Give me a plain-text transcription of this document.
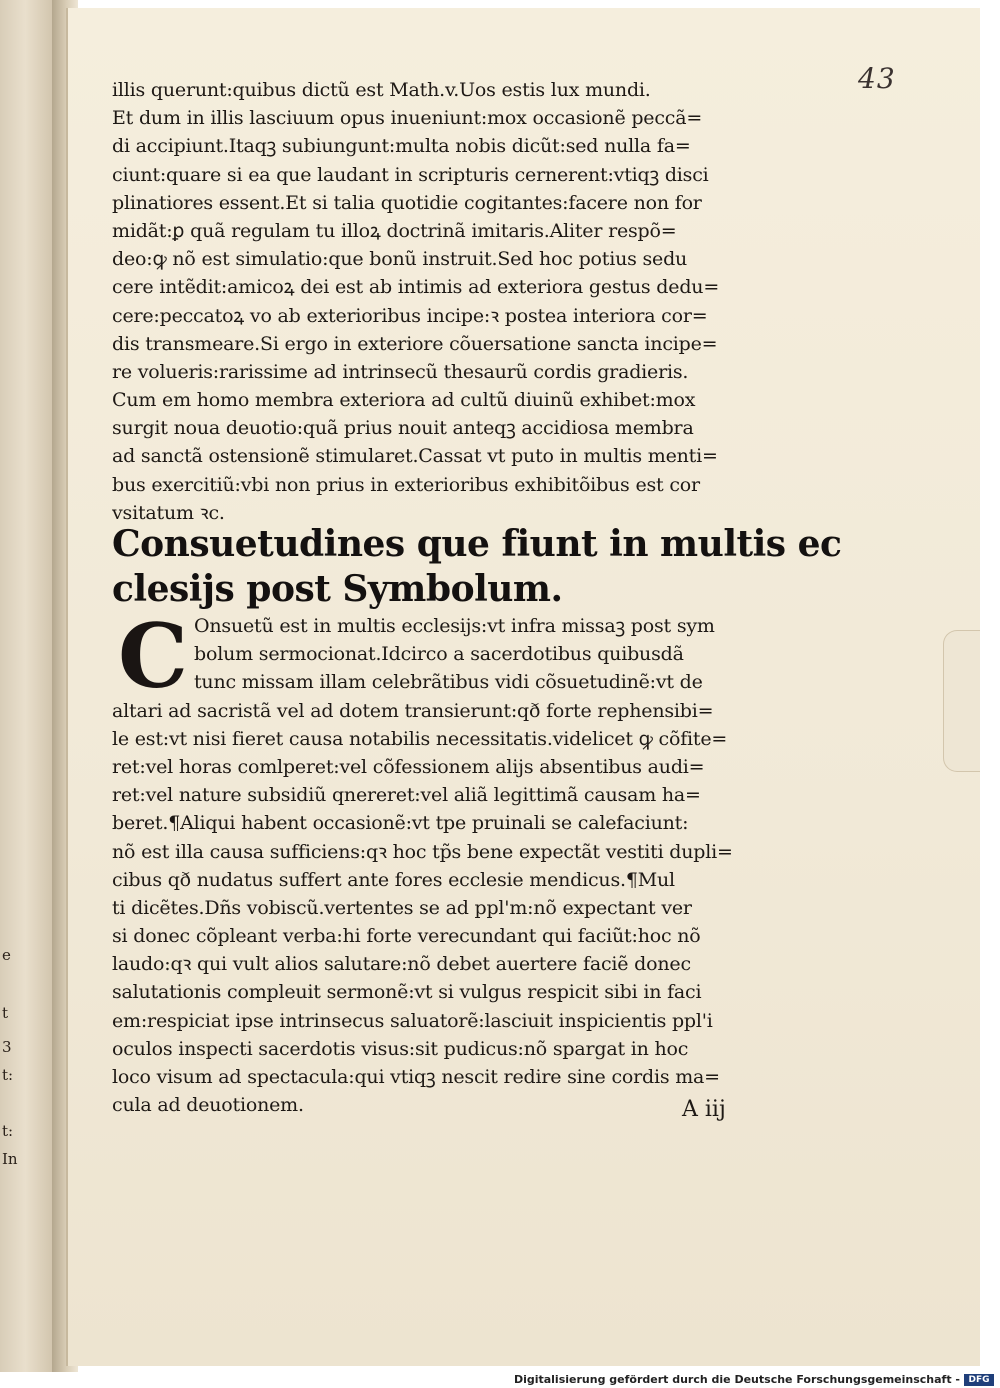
e
t
3
t:
t:
In
43
illis querunt:quibus dictũ est Math.v.Uos estis lux mundi.
Et dum in illis lasciuum opus inueniunt:mox occasionẽ peccã=
di accipiunt.Itaqꝫ subiungunt:multa nobis dicũt:sed nulla fa=
ciunt:quare si ea que laudant in scripturis cernerent:vtiqꝫ disci
plinatiores essent.Et si talia quotidie cogitantes:facere non for
midãt:ꝑ quã regulam tu illoꝝ doctrinã imitaris.Aliter respõ=
deo:ꝙ nõ est simulatio:que bonũ instruit.Sed hoc potius sedu
cere intẽdit:amicoꝝ dei est ab intimis ad exteriora gestus dedu=
cere:peccatoꝝ vo ab exterioribus incipe:ꝛ postea interiora cor=
dis transmeare.Si ergo in exteriore cõuersatione sancta incipe=
re volueris:rarissime ad intrinsecũ thesaurũ cordis gradieris.
Cum em homo membra exteriora ad cultũ diuinũ exhibet:mox
surgit noua deuotio:quã prius nouit anteqꝫ accidiosa membra
ad sanctã ostensionẽ stimularet.Cassat vt puto in multis menti=
bus exercitiũ:vbi non prius in exterioribus exhibitõibus est cor
vsitatum ꝛc.
Consuetudines que fiunt in multis ec
clesijs post Symbolum.
C Onsuetũ est in multis ecclesijs:vt infra missaꝫ post sym
bolum sermocionat.Idcirco a sacerdotibus quibusdã
tunc missam illam celebrãtibus vidi cõsuetudinẽ:vt de
altari ad sacristã vel ad dotem transierunt:qð forte rephensibi=
le est:vt nisi fieret causa notabilis necessitatis.videlicet ꝙ cõfite=
ret:vel horas comlperet:vel cõfessionem alijs absentibus audi=
ret:vel nature subsidiũ qnereret:vel aliã legittimã causam ha=
beret.¶Aliqui habent occasionẽ:vt tpe pruinali se calefaciunt:
nõ est illa causa sufficiens:qꝛ hoc tp̃s bene expectãt vestiti dupli=
cibus qð nudatus suffert ante fores ecclesie mendicus.¶Mul
ti dicẽtes.Dñs vobiscũ.vertentes se ad ppl'm:nõ expectant ver
si donec cõpleant verba:hi forte verecundant qui faciũt:hoc nõ
laudo:qꝛ qui vult alios salutare:nõ debet auertere faciẽ donec
salutationis compleuit sermonẽ:vt si vulgus respicit sibi in faci
em:respiciat ipse intrinsecus saluatorẽ:lasciuit inspicientis ppl'i
oculos inspecti sacerdotis visus:sit pudicus:nõ spargat in hoc
loco visum ad spectacula:qui vtiqꝫ nescit redire sine cordis ma=
cula ad deuotionem.	A iij
Digitalisierung gefördert durch die Deutsche Forschungsgemeinschaft - DFG
